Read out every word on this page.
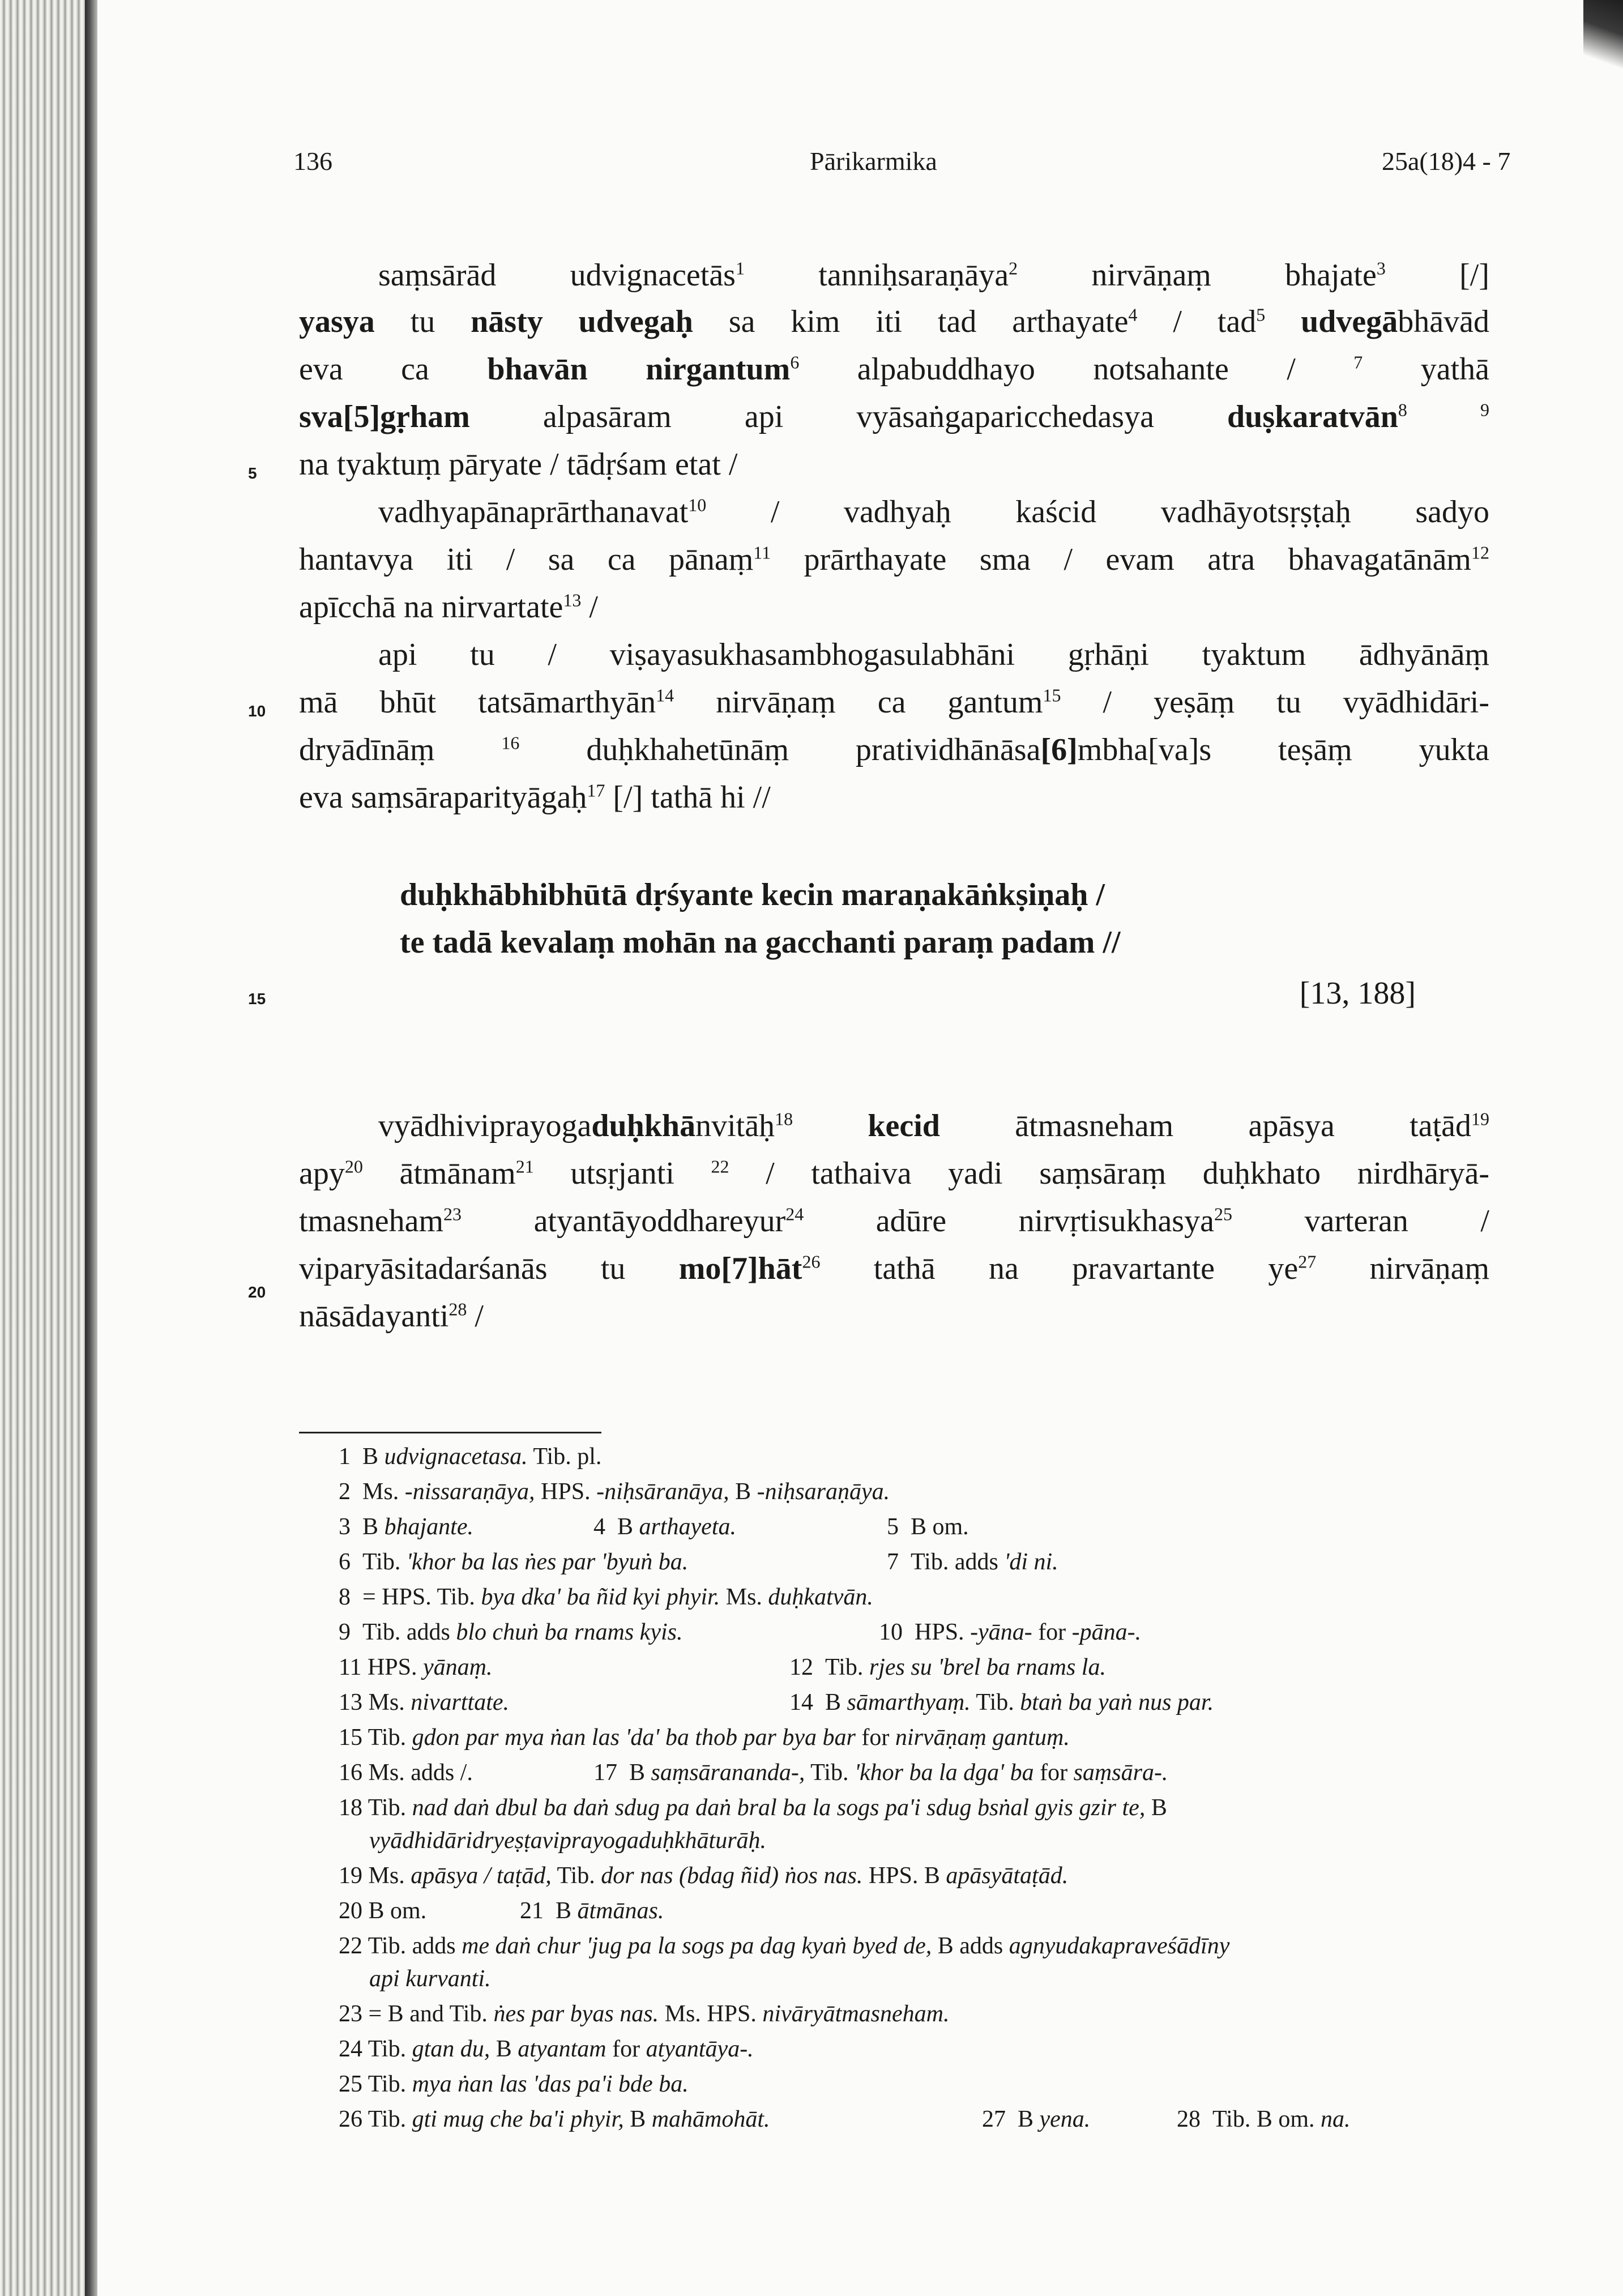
136	Pārikarmika	25a(18)4 - 7
saṃsārād udvignacetās$^1$ tanniḥsaraṇāya$^2$ nirvāṇaṃ bhajate$^3$ [/]
yasya tu nāsty udvegaḥ sa kim iti tad arthayate$^4$ / tad$^5$ udvegābhāvād
eva ca bhavān nirgantum$^6$ alpabuddhayo notsahante / $^7$ yathā
sva[5]gṛham alpasāram api vyāsaṅgaparicchedasya duṣkaratvān$^8$	$^9$
na tyaktuṃ pāryate / tādṛśam etat /
vadhyapānaprārthanavat$^{10}$ / vadhyaḥ kaścid vadhāyotsṛṣṭaḥ sadyo
hantavya iti / sa ca pānaṃ$^{11}$ prārthayate sma / evam atra bhavagatānām$^{12}$
apīcchā na nirvartate$^{13}$ /
api tu / viṣayasukhasambhogasulabhāni gṛhāṇi tyaktum ādhyānāṃ
mā bhūt tatsāmarthyān$^{14}$ nirvāṇaṃ ca gantum$^{15}$ / yeṣāṃ tu vyādhidāri-
dryādīnāṃ $^{16}$ duḥkhahetūnāṃ pratividhānāsa[6]mbha[va]s teṣāṃ yukta
eva saṃsāraparityāgaḥ$^{17}$ [/] tathā hi //
5
10
15
20
duḥkhābhibhūtā dṛśyante kecin maraṇakāṅkṣiṇaḥ /
te tadā kevalaṃ mohān na gacchanti paraṃ padam //
[13, 188]
vyādhiviprayogaduḥkhānvitāḥ$^{18}$ kecid ātmasneham apāsya taṭād$^{19}$
apy$^{20}$ ātmānam$^{21}$ utsṛjanti $^{22}$ / tathaiva yadi saṃsāraṃ duḥkhato nirdhāryā-
tmasneham$^{23}$ atyantāyoddhareyur$^{24}$ adūre nirvṛtisukhasya$^{25}$ varteran /
viparyāsitadarśanās tu mo[7]hāt$^{26}$ tathā na pravartante $ye^{27}$ nirvāṇaṃ
nāsādayanti$^{28}$ /
1  B udvignacetasa. Tib. pl.
2  Ms. -nissaraṇāya, HPS. -niḥsāranāya, B -niḥsaraṇāya.
3  B bhajante.	4  B arthayeta.	5  B om.
6  Tib. 'khor ba las ṅes par 'byuṅ ba.	7  Tib. adds 'di ni.
8  = HPS. Tib. bya dka' ba ñid kyi phyir. Ms. duḥkatvān.
9  Tib. adds blo chuṅ ba rnams kyis.	10  HPS. -yāna- for -pāna-.
11 HPS. yānaṃ.	12  Tib. rjes su 'brel ba rnams la.
13 Ms. nivarttate.	14  B sāmarthyaṃ. Tib. btaṅ ba yaṅ nus par.
15 Tib. gdon par mya ṅan las 'da' ba thob par bya bar for nirvāṇaṃ gantuṃ.
16 Ms. adds /.	17  B saṃsārananda-, Tib. 'khor ba la dga' ba for saṃsāra-.
18 Tib. nad daṅ dbul ba daṅ sdug pa daṅ bral ba la sogs pa'i sdug bsṅal gyis gzir te, B
vyādhidāridryeṣṭaviprayogaduḥkhāturāḥ.
19 Ms. apāsya / taṭād, Tib. dor nas (bdag ñid) ṅos nas. HPS. B apāsyātaṭād.
20 B om.	21  B ātmānas.
22 Tib. adds me daṅ chur 'jug pa la sogs pa dag kyaṅ byed de, B adds agnyudakapraveśādīny
api kurvanti.
23 = B and Tib. ṅes par byas nas. Ms. HPS. nivāryātmasneham.
24 Tib. gtan du, B atyantam for atyantāya-.
25 Tib. mya ṅan las 'das pa'i bde ba.
26 Tib. gti mug che ba'i phyir, B mahāmohāt.	27  B yena.	28  Tib. B om. na.
